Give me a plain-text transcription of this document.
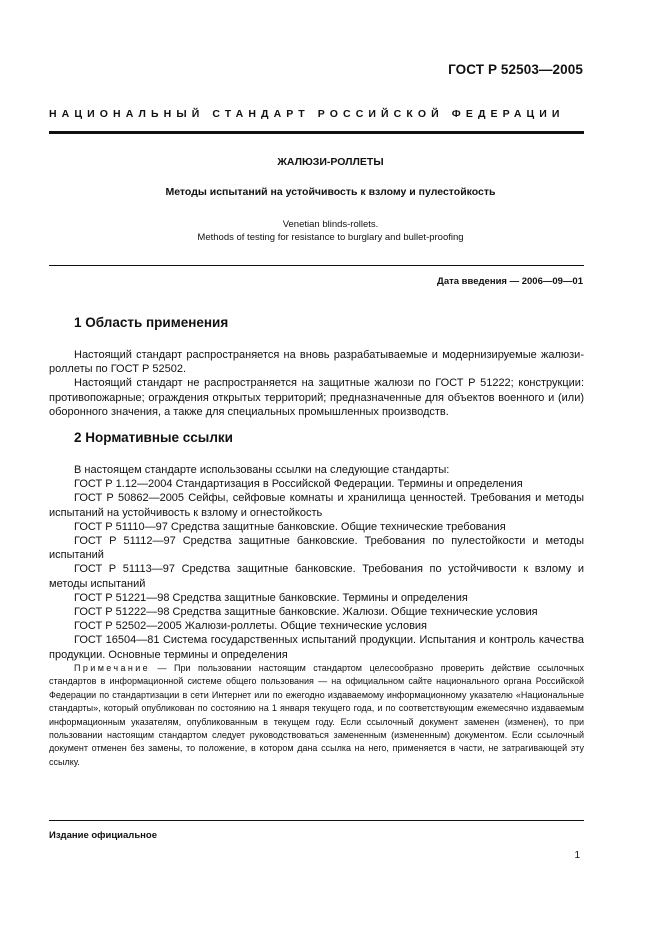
ГОСТ Р 52503—2005
НАЦИОНАЛЬНЫЙ СТАНДАРТ РОССИЙСКОЙ ФЕДЕРАЦИИ
ЖАЛЮЗИ-РОЛЛЕТЫ
Методы испытаний на устойчивость к взлому и пулестойкость
Venetian blinds-rollets.
Methods of testing for resistance to burglary and bullet-proofing
Дата введения — 2006—09—01
1 Область применения

Настоящий стандарт распространяется на вновь разрабатываемые и модернизируемые жалюзи-роллеты по ГОСТ Р 52502.

Настоящий стандарт не распространяется на защитные жалюзи по ГОСТ Р 51222; конструкции: противопожарные; ограждения открытых территорий; предназначенные для объектов военного и (или) оборонного значения, а также для специальных промышленных производств.

2 Нормативные ссылки

В настоящем стандарте использованы ссылки на следующие стандарты:

ГОСТ Р 1.12—2004 Стандартизация в Российской Федерации. Термины и определения

ГОСТ Р 50862—2005 Сейфы, сейфовые комнаты и хранилища ценностей. Требования и методы испытаний на устойчивость к взлому и огнестойкость

ГОСТ Р 51110—97 Средства защитные банковские. Общие технические требования

ГОСТ Р 51112—97 Средства защитные банковские. Требования по пулестойкости и методы испытаний

ГОСТ Р 51113—97 Средства защитные банковские. Требования по устойчивости к взлому и методы испытаний

ГОСТ Р 51221—98 Средства защитные банковские. Термины и определения

ГОСТ Р 51222—98 Средства защитные банковские. Жалюзи. Общие технические условия

ГОСТ Р 52502—2005 Жалюзи-роллеты. Общие технические условия

ГОСТ 16504—81 Система государственных испытаний продукции. Испытания и контроль качества продукции. Основные термины и определения

Примечание — При пользовании настоящим стандартом целесообразно проверить действие ссылочных стандартов в информационной системе общего пользования — на официальном сайте национального органа Российской Федерации по стандартизации в сети Интернет или по ежегодно издаваемому информационному указателю «Национальные стандарты», который опубликован по состоянию на 1 января текущего года, и по соответствующим ежемесячно издаваемым информационным указателям, опубликованным в текущем году. Если ссылочный документ заменен (изменен), то при пользовании настоящим стандартом следует руководствоваться замененным (измененным) документом. Если ссылочный документ отменен без замены, то положение, в котором дана ссылка на него, применяется в части, не затрагивающей эту ссылку.

Издание официальное
1
